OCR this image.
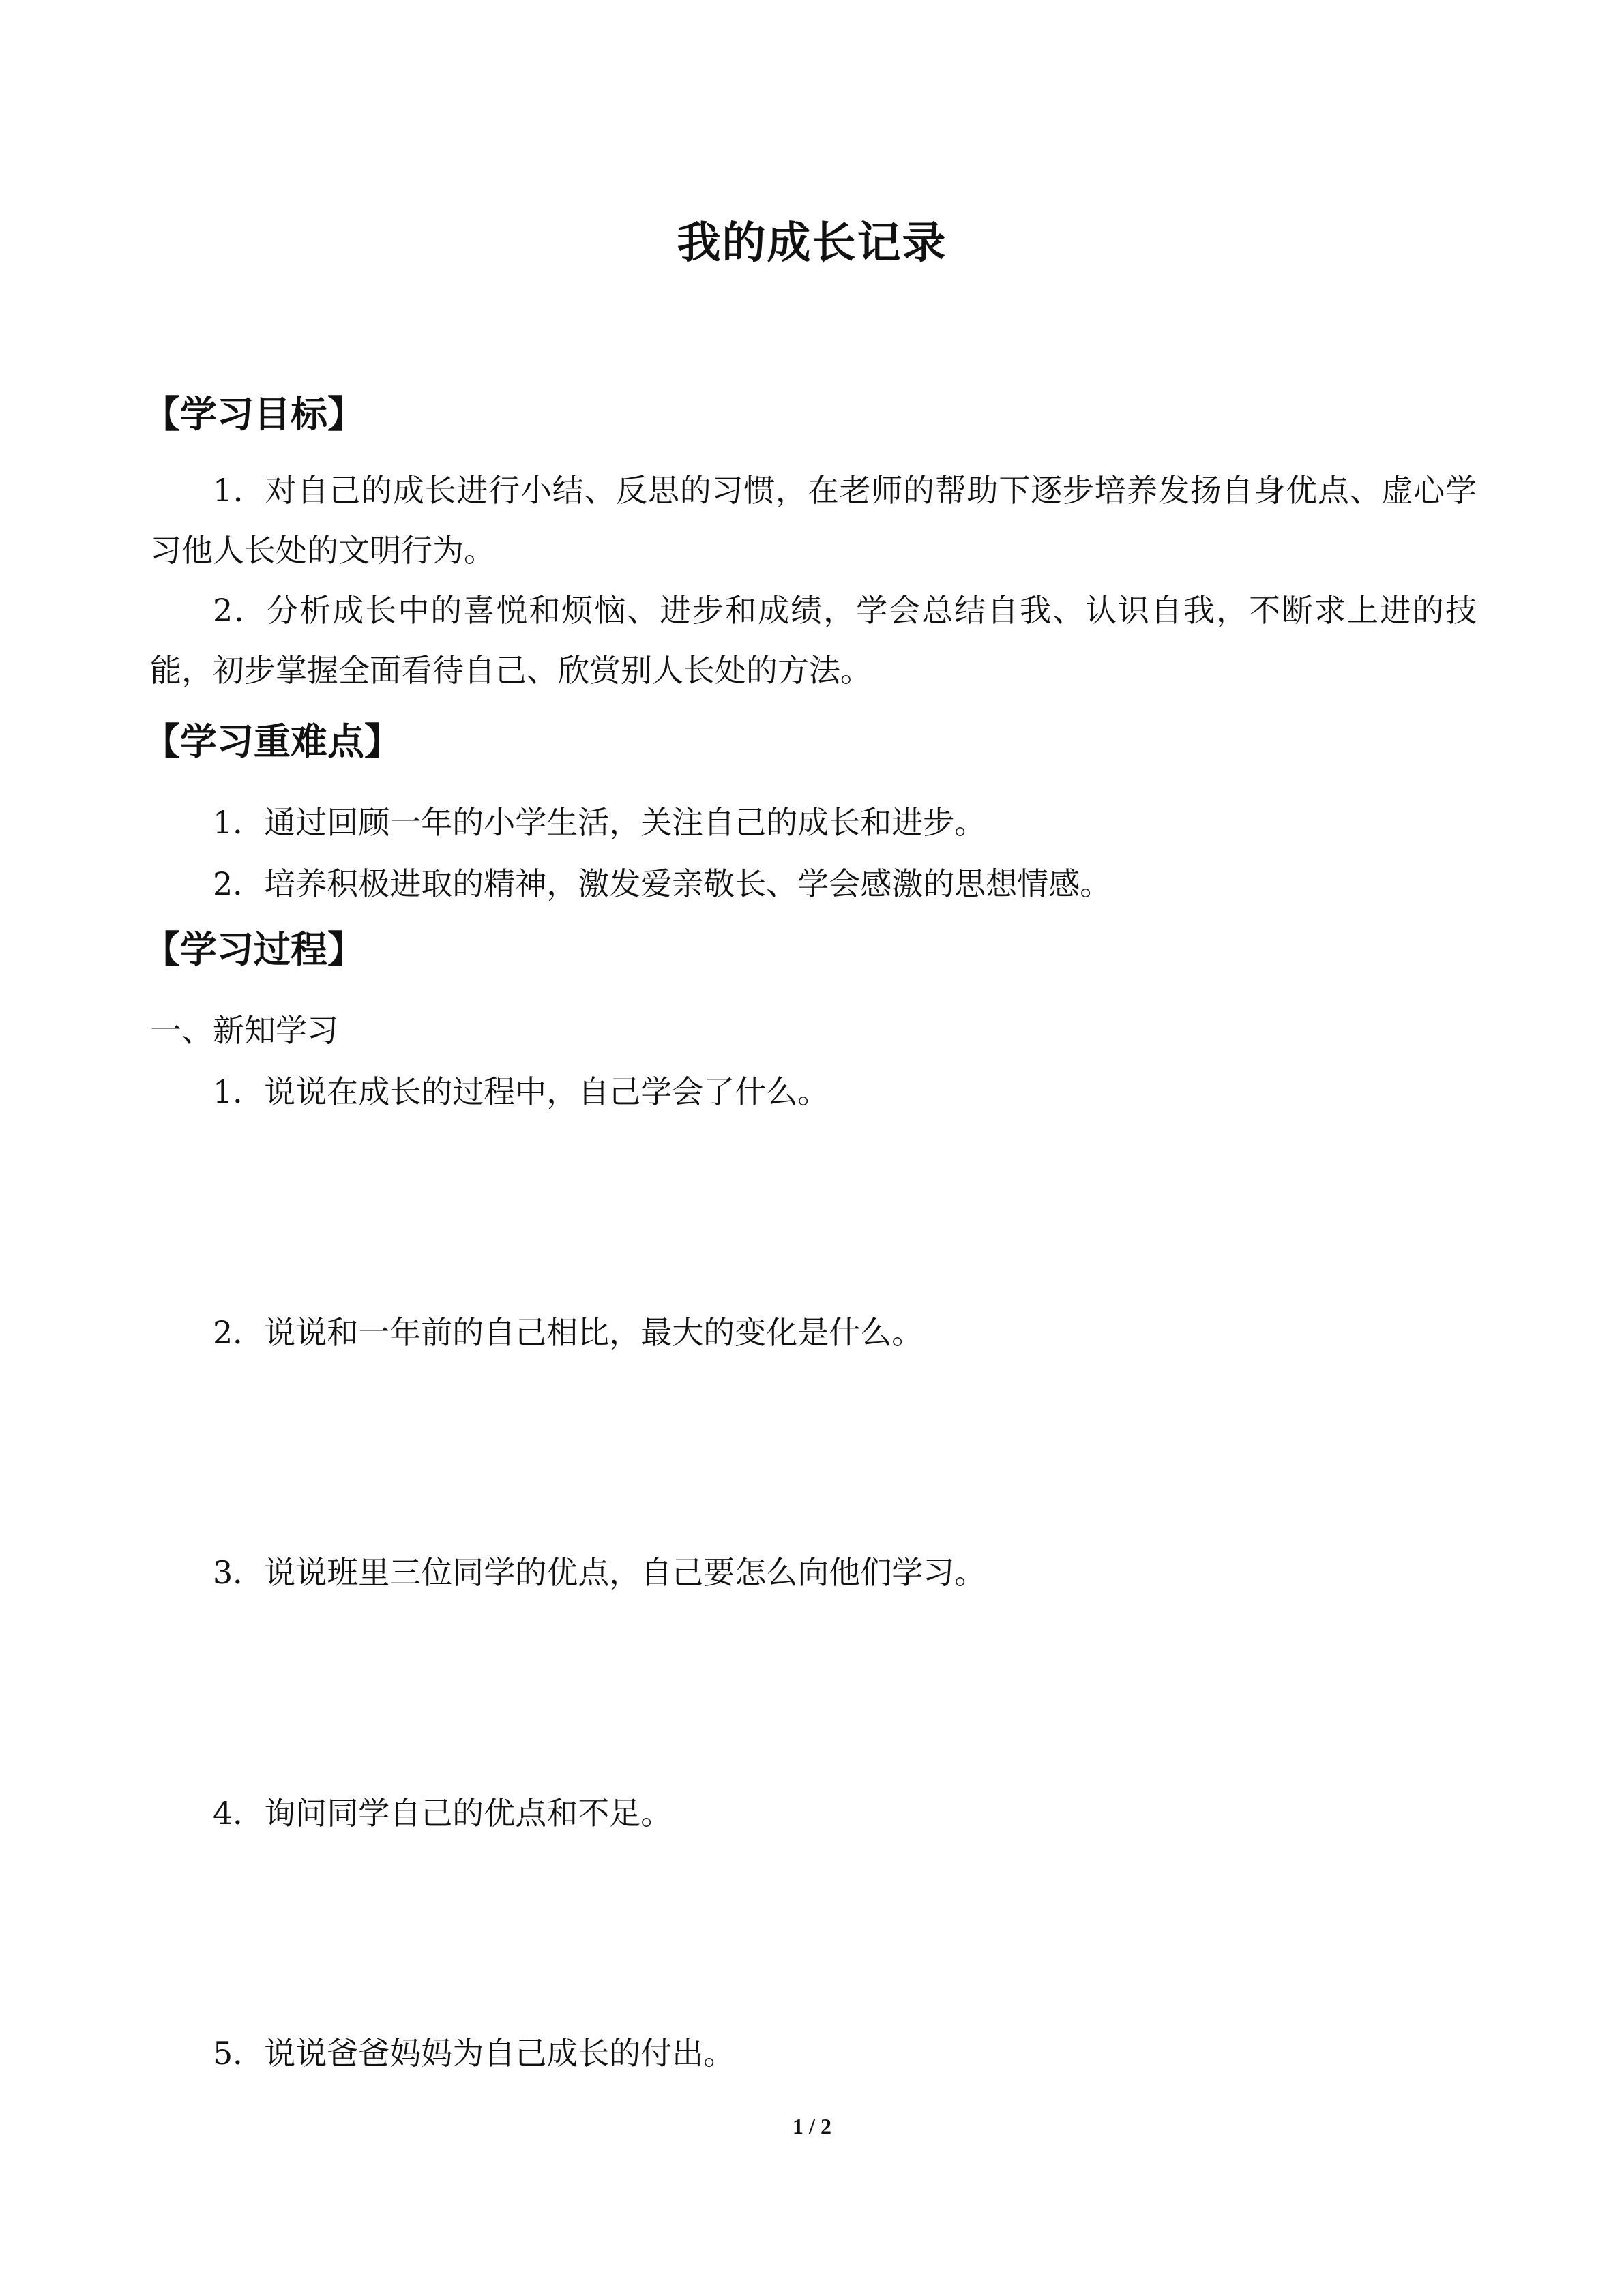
我的成长记录
【学习目标】
1．对自己的成长进行小结、反思的习惯，在老师的帮助下逐步培养发扬自身优点、虚心学习他人长处的文明行为。
2．分析成长中的喜悦和烦恼、进步和成绩，学会总结自我、认识自我，不断求上进的技能，初步掌握全面看待自己、欣赏别人长处的方法。
【学习重难点】
1．通过回顾一年的小学生活，关注自己的成长和进步。
2．培养积极进取的精神，激发爱亲敬长、学会感激的思想情感。
【学习过程】
一、新知学习
1．说说在成长的过程中，自己学会了什么。
2．说说和一年前的自己相比，最大的变化是什么。
3．说说班里三位同学的优点，自己要怎么向他们学习。
4．询问同学自己的优点和不足。
5．说说爸爸妈妈为自己成长的付出。
1 / 2
